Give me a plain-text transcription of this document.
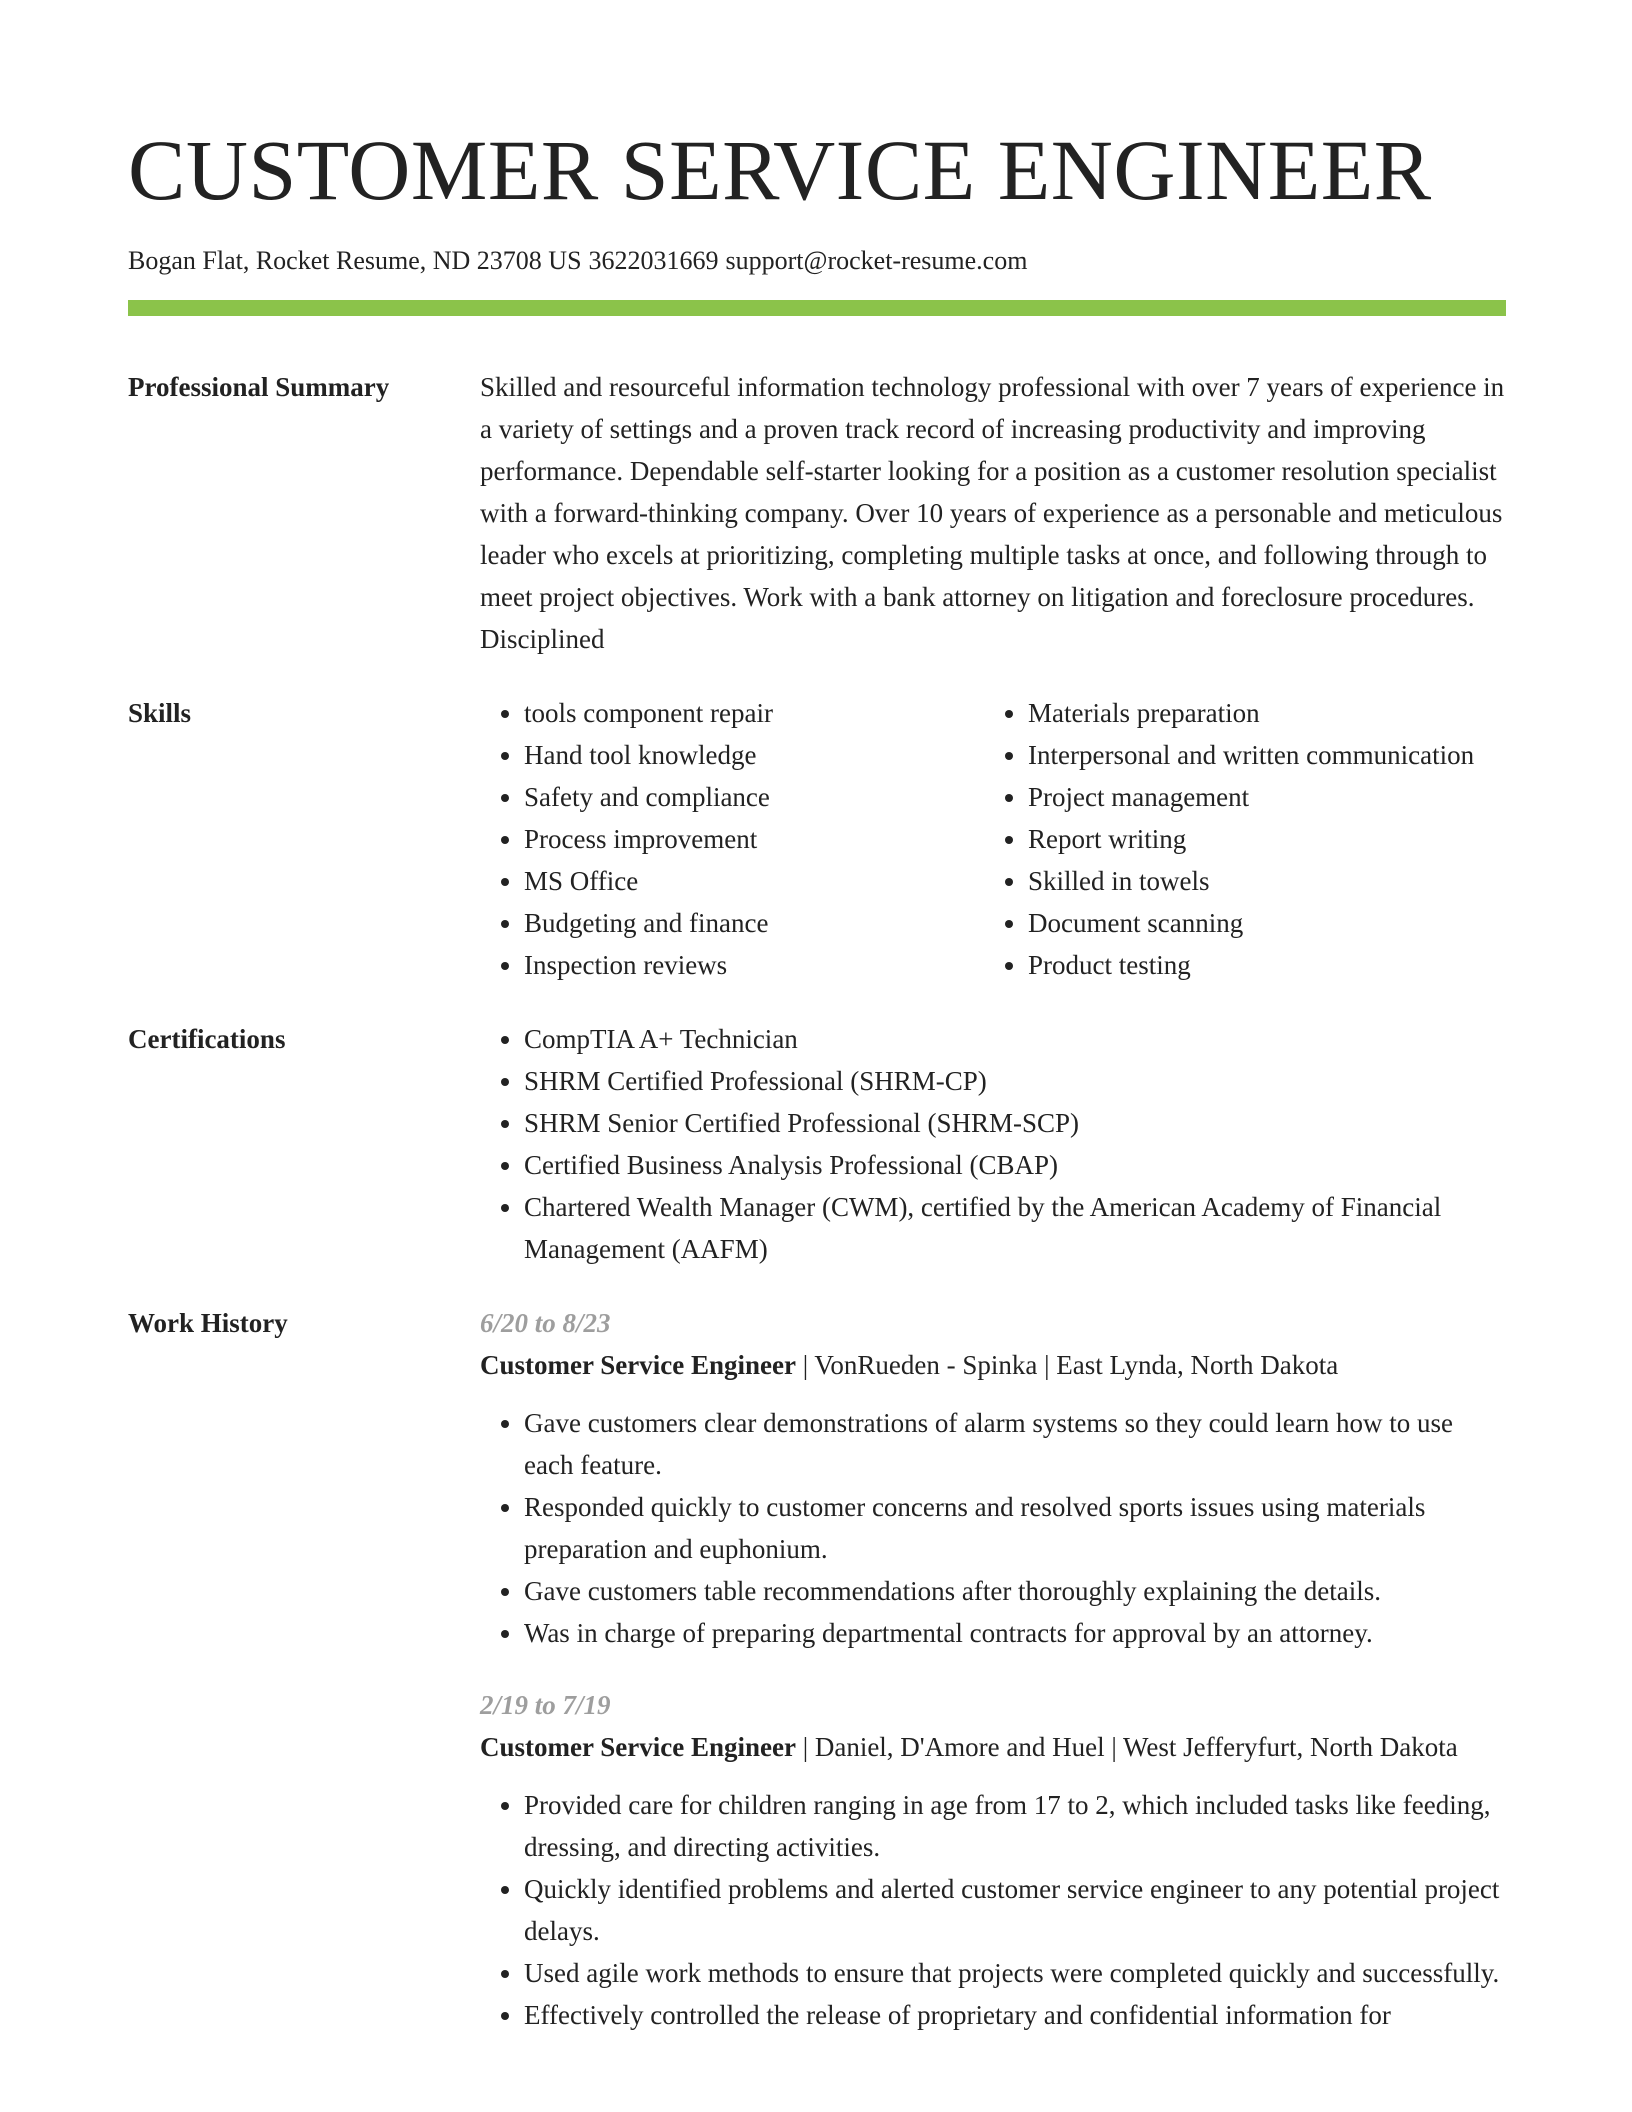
CUSTOMER SERVICE ENGINEER
Bogan Flat, Rocket Resume, ND 23708 US 3622031669 support@rocket-resume.com
Professional Summary	Skilled and resourceful information technology professional with over 7 years of experience in a variety of settings and a proven track record of increasing productivity and improving performance. Dependable self-starter looking for a position as a customer resolution specialist with a forward-thinking company. Over 10 years of experience as a personable and meticulous leader who excels at prioritizing, completing multiple tasks at once, and following through to meet project objectives. Work with a bank attorney on litigation and foreclosure procedures. Disciplined

Skills	• tools component repair
• Hand tool knowledge
• Safety and compliance
• Process improvement
• MS Office
• Budgeting and finance
• Inspection reviews
• Materials preparation
• Interpersonal and written communication
• Project management
• Report writing
• Skilled in towels
• Document scanning
• Product testing
Certifications	• CompTIA A+ Technician
• SHRM Certified Professional (SHRM-CP)
• SHRM Senior Certified Professional (SHRM-SCP)
• Certified Business Analysis Professional (CBAP)
• Chartered Wealth Manager (CWM), certified by the American Academy of Financial Management (AAFM)
Work History	6/20 to 8/23
Customer Service Engineer | VonRueden - Spinka | East Lynda, North Dakota
• Gave customers clear demonstrations of alarm systems so they could learn how to use each feature.
• Responded quickly to customer concerns and resolved sports issues using materials preparation and euphonium.
• Gave customers table recommendations after thoroughly explaining the details.
• Was in charge of preparing departmental contracts for approval by an attorney.
2/19 to 7/19
Customer Service Engineer | Daniel, D'Amore and Huel | West Jefferyfurt, North Dakota
• Provided care for children ranging in age from 17 to 2, which included tasks like feeding, dressing, and directing activities.
• Quickly identified problems and alerted customer service engineer to any potential project delays.
• Used agile work methods to ensure that projects were completed quickly and successfully.
• Effectively controlled the release of proprietary and confidential information for
